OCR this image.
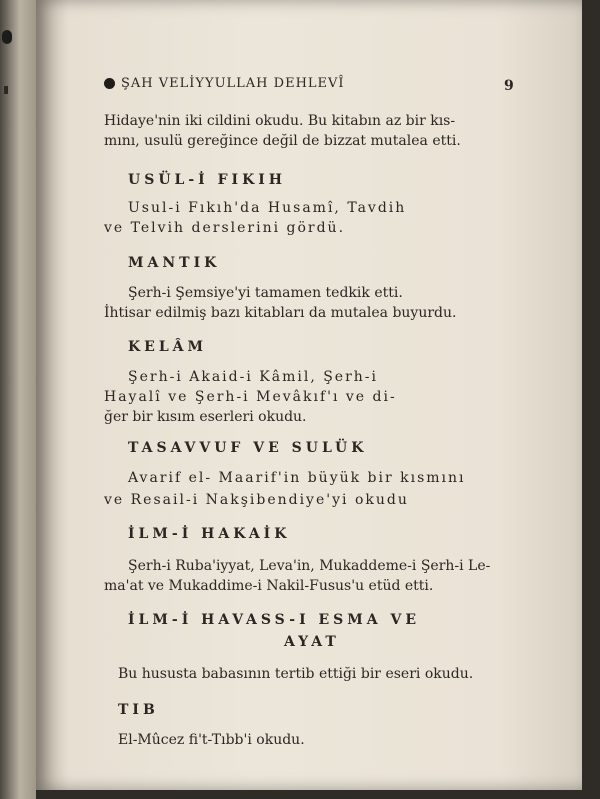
ŞAH VELİYYULLAH DEHLEVÎ	9
Hidaye'nin iki cildini okudu. Bu kitabın az bir kıs-
mını, usulü gereğince değil de bizzat mutalea etti.
USÜL-İ FIKIH
Usul-i Fıkıh'da Husamî, Tavdih
ve Telvih derslerini gördü.
MANTIK
Şerh-i Şemsiye'yi tamamen tedkik etti.
İhtisar edilmiş bazı kitabları da mutalea buyurdu.
KELÂM
Şerh-i Akaid-i Kâmil, Şerh-i
Hayalî ve Şerh-i Mevâkıf'ı ve di-
ğer bir kısım eserleri okudu.
TASAVVUF VE SULÜK
Avarif el- Maarif'in büyük bir kısmını
ve Resail-i Nakşibendiye'yi okudu
İLM-İ HAKAİK
Şerh-i Ruba'iyyat, Leva'in, Mukaddeme-i Şerh-i Le-
ma'at ve Mukaddime-i Nakil-Fusus'u etüd etti.
İLM-İ HAVASS-I ESMA VE
AYAT
Bu hususta babasının tertib ettiği bir eseri okudu.
TIB
El-Mûcez fi't-Tıbb'i okudu.
